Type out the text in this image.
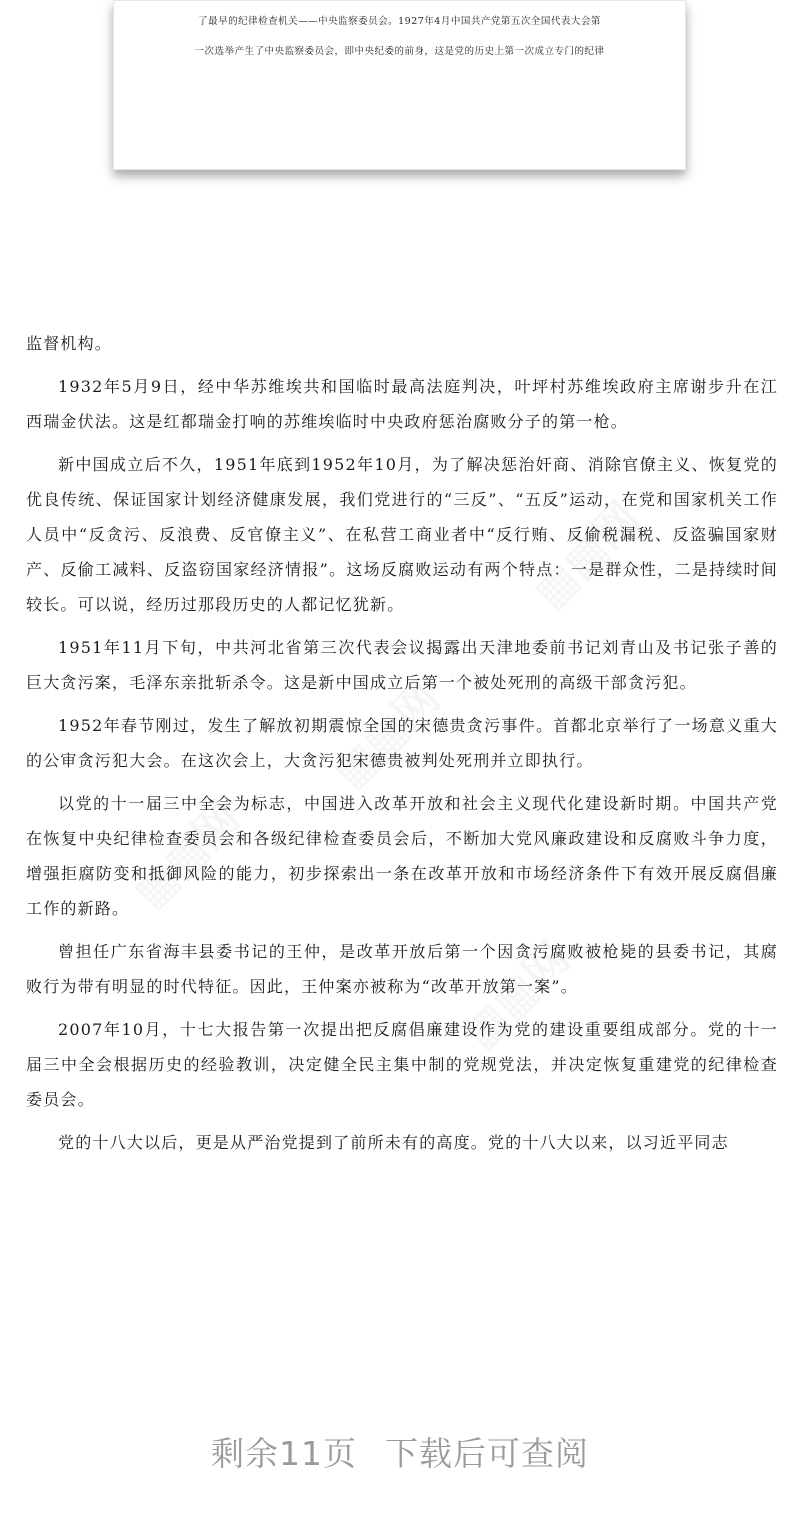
了最早的纪律检查机关——中央监察委员会。1927年4月中国共产党第五次全国代表大会第
一次选举产生了中央监察委员会，即中央纪委的前身，这是党的历史上第一次成立专门的纪律

监督机构。

1932年5月9日，经中华苏维埃共和国临时最高法庭判决，叶坪村苏维埃政府主席谢步升在江西瑞金伏法。这是红都瑞金打响的苏维埃临时中央政府惩治腐败分子的第一枪。

新中国成立后不久，1951年底到1952年10月，为了解决惩治奸商、消除官僚主义、恢复党的优良传统、保证国家计划经济健康发展，我们党进行的“三反”、“五反”运动，在党和国家机关工作人员中“反贪污、反浪费、反官僚主义”、在私营工商业者中“反行贿、反偷税漏税、反盗骗国家财产、反偷工减料、反盗窃国家经济情报”。这场反腐败运动有两个特点：一是群众性，二是持续时间较长。可以说，经历过那段历史的人都记忆犹新。

1951年11月下旬，中共河北省第三次代表会议揭露出天津地委前书记刘青山及书记张子善的巨大贪污案，毛泽东亲批斩杀令。这是新中国成立后第一个被处死刑的高级干部贪污犯。

1952年春节刚过，发生了解放初期震惊全国的宋德贵贪污事件。首都北京举行了一场意义重大的公审贪污犯大会。在这次会上，大贪污犯宋德贵被判处死刑并立即执行。

以党的十一届三中全会为标志，中国进入改革开放和社会主义现代化建设新时期。中国共产党在恢复中央纪律检查委员会和各级纪律检查委员会后，不断加大党风廉政建设和反腐败斗争力度，增强拒腐防变和抵御风险的能力，初步探索出一条在改革开放和市场经济条件下有效开展反腐倡廉工作的新路。

曾担任广东省海丰县委书记的王仲，是改革开放后第一个因贪污腐败被枪毙的县委书记，其腐败行为带有明显的时代特征。因此，王仲案亦被称为“改革开放第一案”。

2007年10月，十七大报告第一次提出把反腐倡廉建设作为党的建设重要组成部分。党的十一届三中全会根据历史的经验教训，决定健全民主集中制的党规党法，并决定恢复重建党的纪律检查委员会。

党的十八大以后，更是从严治党提到了前所未有的高度。党的十八大以来，以习近平同志

剩余11页 下载后可查阅
